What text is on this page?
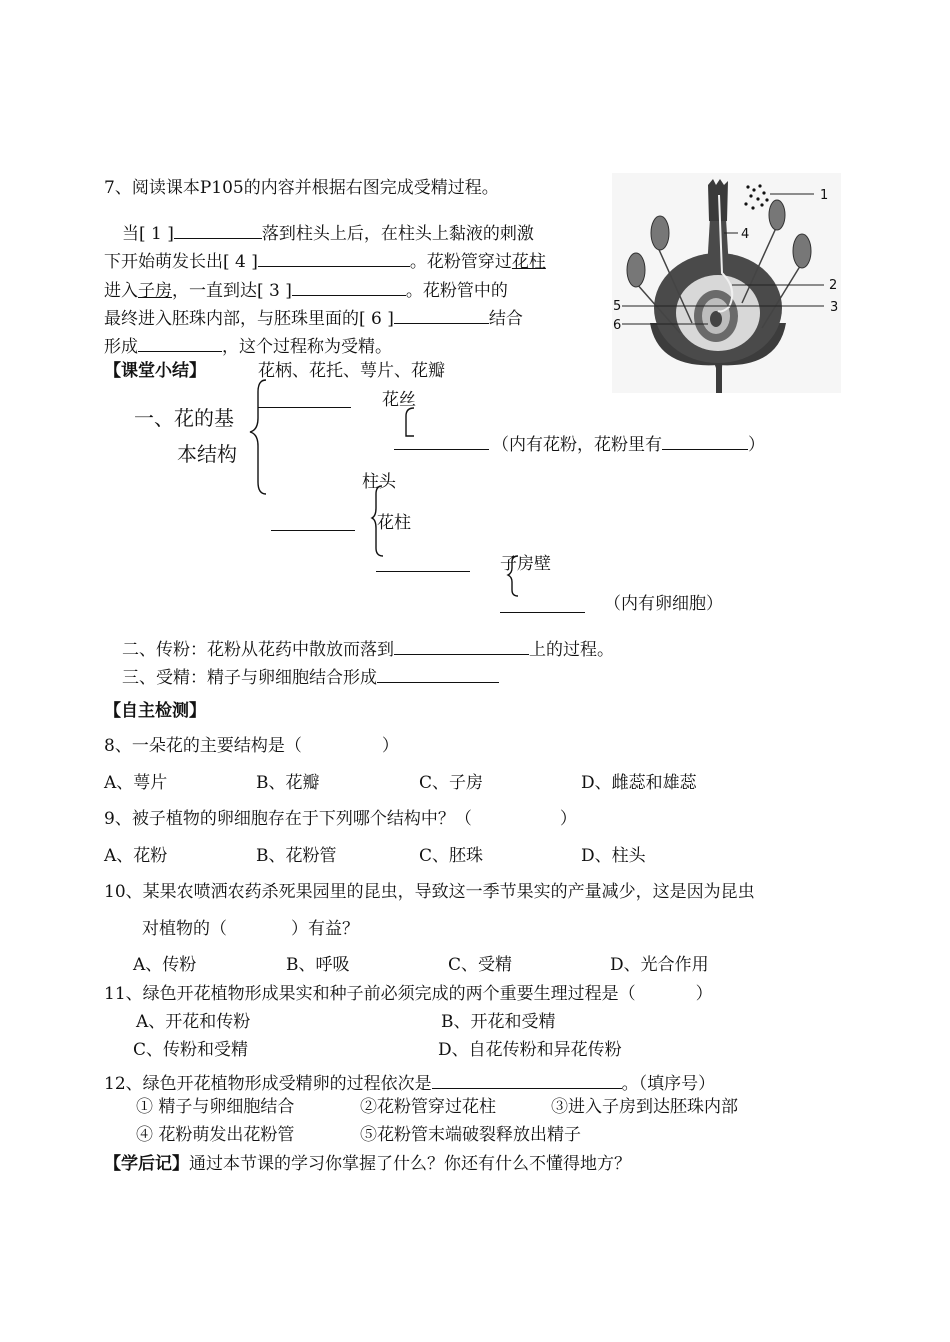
7、阅读课本P105的内容并根据右图完成受精过程。
当[ 1 ]	落到柱头上后，在柱头上黏液的刺激
下开始萌发长出[ 4 ]	。花粉管穿过花柱
进入子房，一直到达[ 3 ]	。花粉管中的
最终进入胚珠内部，与胚珠里面的[ 6 ]	结合
形成	，这个过程称为受精。
1
2
3
4
5
6
【课堂小结】	花柄、花托、萼片、花瓣
一、花的基
本结构
花丝
（内有花粉，花粉里有	）
柱头
花柱
子房壁
（内有卵细胞）
二、传粉：花粉从花药中散放而落到	上的过程。
三、受精：精子与卵细胞结合形成
【自主检测】
8、一朵花的主要结构是（	）
A、萼片	B、花瓣	C、子房	D、雌蕊和雄蕊
9、被子植物的卵细胞存在于下列哪个结构中？（	）
A、花粉	B、花粉管	C、胚珠	D、柱头
10、某果农喷洒农药杀死果园里的昆虫，导致这一季节果实的产量减少，这是因为昆虫
对植物的（	）有益？
A、传粉	B、呼吸	C、受精	D、光合作用
11、绿色开花植物形成果实和种子前必须完成的两个重要生理过程是（	）
A、开花和传粉	B、开花和受精
C、传粉和受精	D、自花传粉和异花传粉
12、绿色开花植物形成受精卵的过程依次是	。（填序号）
① 精子与卵细胞结合	②花粉管穿过花柱	③进入子房到达胚珠内部
④ 花粉萌发出花粉管	⑤花粉管末端破裂释放出精子
【学后记】通过本节课的学习你掌握了什么？你还有什么不懂得地方？
